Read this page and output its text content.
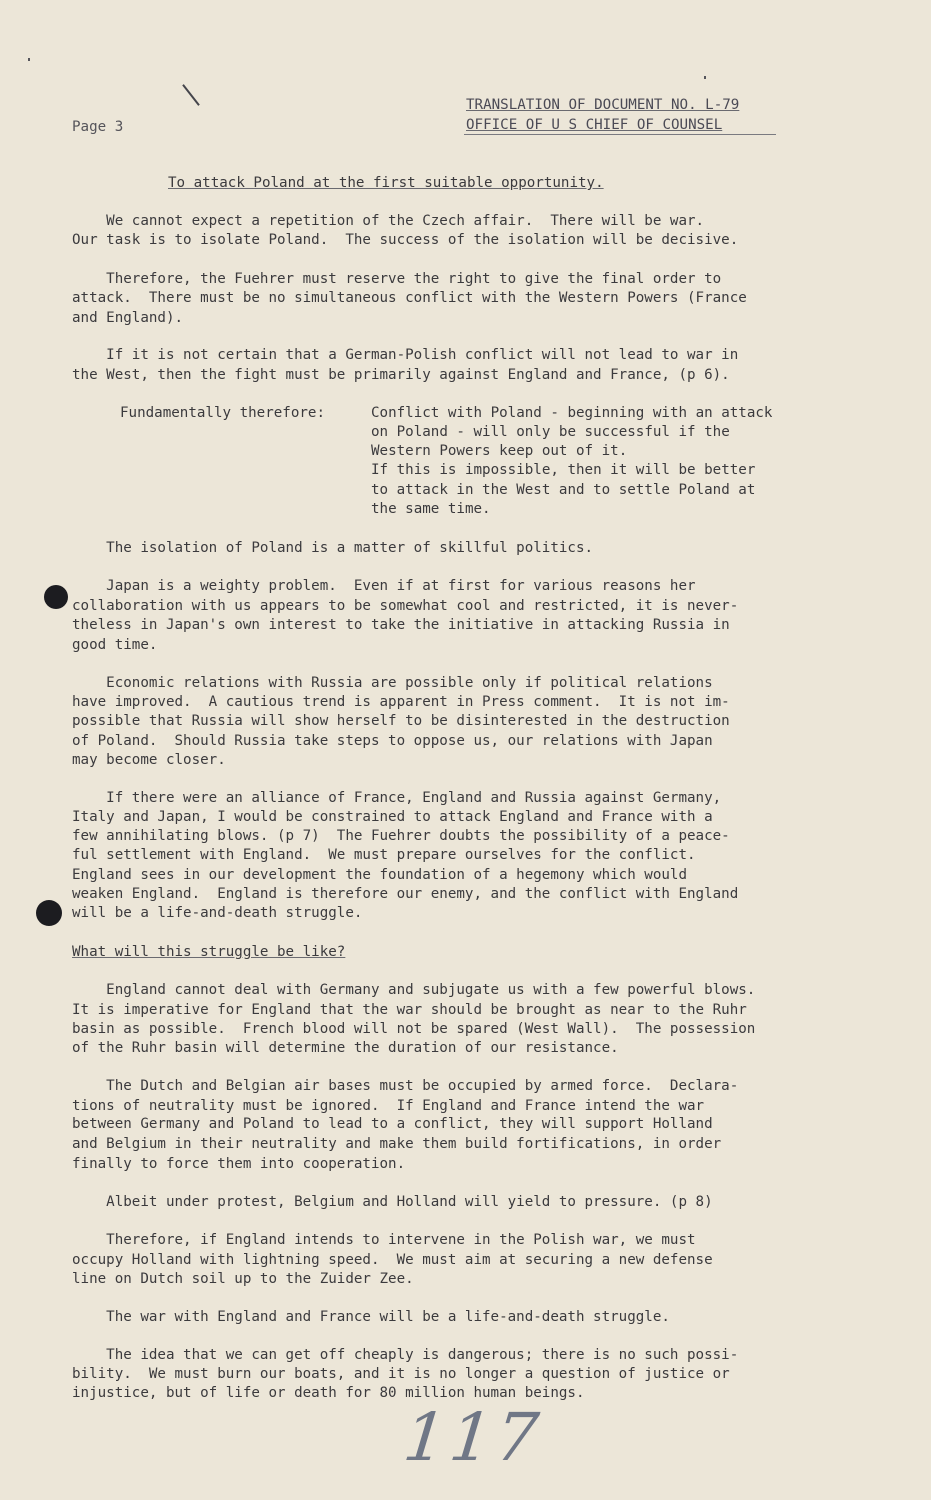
Page 3

TRANSLATION OF DOCUMENT NO. L-79

OFFICE OF U S CHIEF OF COUNSEL

To attack Poland at the first suitable opportunity.

We cannot expect a repetition of the Czech affair.  There will be war.

Our task is to isolate Poland.  The success of the isolation will be decisive.

Therefore, the Fuehrer must reserve the right to give the final order to

attack.  There must be no simultaneous conflict with the Western Powers (France

and England).

If it is not certain that a German-Polish conflict will not lead to war in

the West, then the fight must be primarily against England and France, (p 6).

Fundamentally therefore:	Conflict with Poland - beginning with an attack

on Poland - will only be successful if the

Western Powers keep out of it.

If this is impossible, then it will be better

to attack in the West and to settle Poland at

the same time.

The isolation of Poland is a matter of skillful politics.

Japan is a weighty problem.  Even if at first for various reasons her

collaboration with us appears to be somewhat cool and restricted, it is never-

theless in Japan's own interest to take the initiative in attacking Russia in

good time.

Economic relations with Russia are possible only if political relations

have improved.  A cautious trend is apparent in Press comment.  It is not im-

possible that Russia will show herself to be disinterested in the destruction

of Poland.  Should Russia take steps to oppose us, our relations with Japan

may become closer.

If there were an alliance of France, England and Russia against Germany,

Italy and Japan, I would be constrained to attack England and France with a

few annihilating blows. (p 7)  The Fuehrer doubts the possibility of a peace-

ful settlement with England.  We must prepare ourselves for the conflict.

England sees in our development the foundation of a hegemony which would

weaken England.  England is therefore our enemy, and the conflict with England

will be a life-and-death struggle.

What will this struggle be like?

England cannot deal with Germany and subjugate us with a few powerful blows.

It is imperative for England that the war should be brought as near to the Ruhr

basin as possible.  French blood will not be spared (West Wall).  The possession

of the Ruhr basin will determine the duration of our resistance.

The Dutch and Belgian air bases must be occupied by armed force.  Declara-

tions of neutrality must be ignored.  If England and France intend the war

between Germany and Poland to lead to a conflict, they will support Holland

and Belgium in their neutrality and make them build fortifications, in order

finally to force them into cooperation.

Albeit under protest, Belgium and Holland will yield to pressure. (p 8)

Therefore, if England intends to intervene in the Polish war, we must

occupy Holland with lightning speed.  We must aim at securing a new defense

line on Dutch soil up to the Zuider Zee.

The war with England and France will be a life-and-death struggle.

The idea that we can get off cheaply is dangerous; there is no such possi-

bility.  We must burn our boats, and it is no longer a question of justice or

injustice, but of life or death for 80 million human beings.

117
